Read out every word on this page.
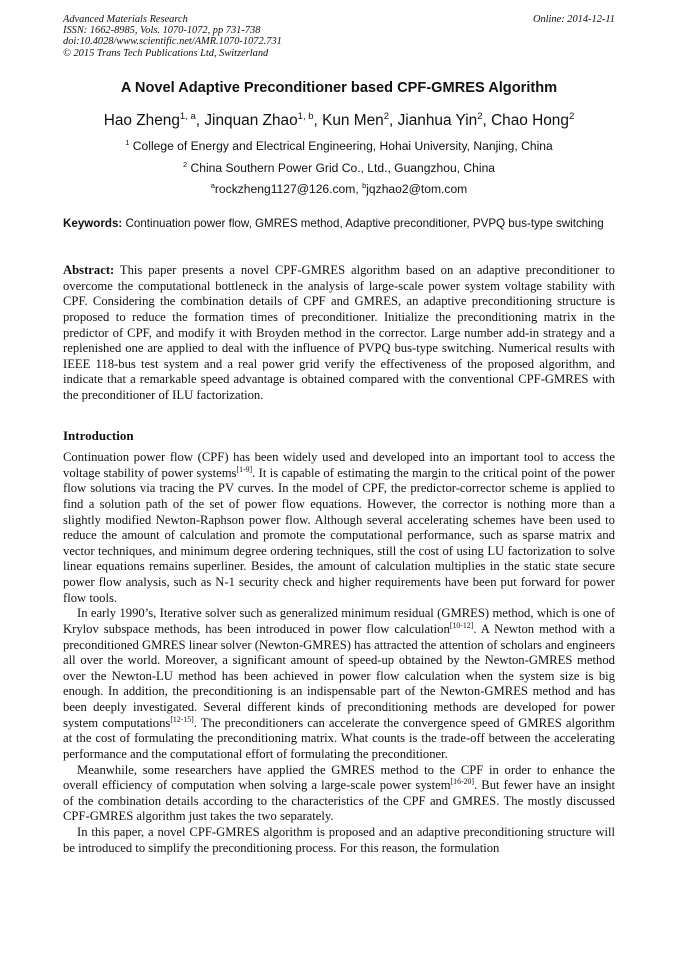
Advanced Materials Research
ISSN: 1662-8985, Vols. 1070-1072, pp 731-738
doi:10.4028/www.scientific.net/AMR.1070-1072.731
© 2015 Trans Tech Publications Ltd, Switzerland
Online: 2014-12-11
A Novel Adaptive Preconditioner based CPF-GMRES Algorithm
Hao Zheng$^{1, a}$, Jinquan Zhao$^{1, b}$, Kun Men$^2$, Jianhua Yin$^2$, Chao Hong$^2$
$^1$ College of Energy and Electrical Engineering, Hohai University, Nanjing, China
$^2$ China Southern Power Grid Co., Ltd., Guangzhou, China
$^a$rockzheng1127@126.com, $^b$jqzhao2@tom.com
Keywords: Continuation power flow, GMRES method, Adaptive preconditioner, PVPQ bus-type switching
Abstract: This paper presents a novel CPF-GMRES algorithm based on an adaptive preconditioner to overcome the computational bottleneck in the analysis of large-scale power system voltage stability with CPF. Considering the combination details of CPF and GMRES, an adaptive preconditioning structure is proposed to reduce the formation times of preconditioner. Initialize the preconditioning matrix in the predictor of CPF, and modify it with Broyden method in the corrector. Large number add-in strategy and a replenished one are applied to deal with the influence of PVPQ bus-type switching. Numerical results with IEEE 118-bus test system and a real power grid verify the effectiveness of the proposed algorithm, and indicate that a remarkable speed advantage is obtained compared with the conventional CPF-GMRES with the preconditioner of ILU factorization.
Introduction

Continuation power flow (CPF) has been widely used and developed into an important tool to access the voltage stability of power systems[1-9]. It is capable of estimating the margin to the critical point of the power flow solutions via tracing the PV curves. In the model of CPF, the predictor-corrector scheme is applied to find a solution path of the set of power flow equations. However, the corrector is nothing more than a slightly modified Newton-Raphson power flow. Although several accelerating schemes have been used to reduce the amount of calculation and promote the computational performance, such as sparse matrix and vector techniques, and minimum degree ordering techniques, still the cost of using LU factorization to solve linear equations remains superliner. Besides, the amount of calculation multiplies in the static state secure power flow analysis, such as N-1 security check and higher requirements have been put forward for power flow tools.

In early 1990’s, Iterative solver such as generalized minimum residual (GMRES) method, which is one of Krylov subspace methods, has been introduced in power flow calculation[10-12]. A Newton method with a preconditioned GMRES linear solver (Newton-GMRES) has attracted the attention of scholars and engineers all over the world. Moreover, a significant amount of speed-up obtained by the Newton-GMRES method over the Newton-LU method has been achieved in power flow calculation when the system size is big enough. In addition, the preconditioning is an indispensable part of the Newton-GMRES method and has been deeply investigated. Several different kinds of preconditioning methods are developed for power system computations[12-15]. The preconditioners can accelerate the convergence speed of GMRES algorithm at the cost of formulating the preconditioning matrix. What counts is the trade-off between the accelerating performance and the computational effort of formulating the preconditioner.

Meanwhile, some researchers have applied the GMRES method to the CPF in order to enhance the overall efficiency of computation when solving a large-scale power system[16-20]. But fewer have an insight of the combination details according to the characteristics of the CPF and GMRES. The mostly discussed CPF-GMRES algorithm just takes the two separately.

In this paper, a novel CPF-GMRES algorithm is proposed and an adaptive preconditioning structure will be introduced to simplify the preconditioning process. For this reason, the formulation
